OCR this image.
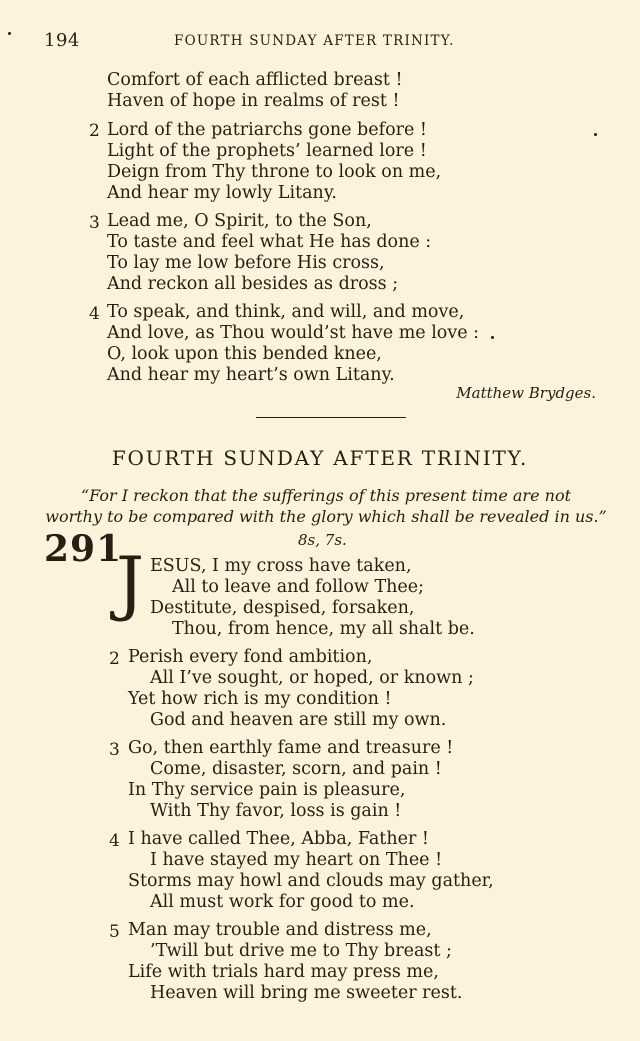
194	FOURTH SUNDAY AFTER TRINITY.
Comfort of each afflicted breast !
Haven of hope in realms of rest !
2 Lord of the patriarchs gone before !
Light of the prophets’ learned lore !
Deign from Thy throne to look on me,
And hear my lowly Litany.
3 Lead me, O Spirit, to the Son,
To taste and feel what He has done :
To lay me low before His cross,
And reckon all besides as dross ;
4 To speak, and think, and will, and move,
And love, as Thou would’st have me love :
O, look upon this bended knee,
And hear my heart’s own Litany.
Matthew Brydges.
FOURTH SUNDAY AFTER TRINITY.
“For I reckon that the sufferings of this present time are not
worthy to be compared with the glory which shall be revealed in us.”
291	8s, 7s.
J ESUS, I my cross have taken,
All to leave and follow Thee;
Destitute, despised, forsaken,
Thou, from hence, my all shalt be.
2 Perish every fond ambition,
All I’ve sought, or hoped, or known ;
Yet how rich is my condition !
God and heaven are still my own.
3 Go, then earthly fame and treasure !
Come, disaster, scorn, and pain !
In Thy service pain is pleasure,
With Thy favor, loss is gain !
4 I have called Thee, Abba, Father !
I have stayed my heart on Thee !
Storms may howl and clouds may gather,
All must work for good to me.
5 Man may trouble and distress me,
’Twill but drive me to Thy breast ;
Life with trials hard may press me,
Heaven will bring me sweeter rest.
